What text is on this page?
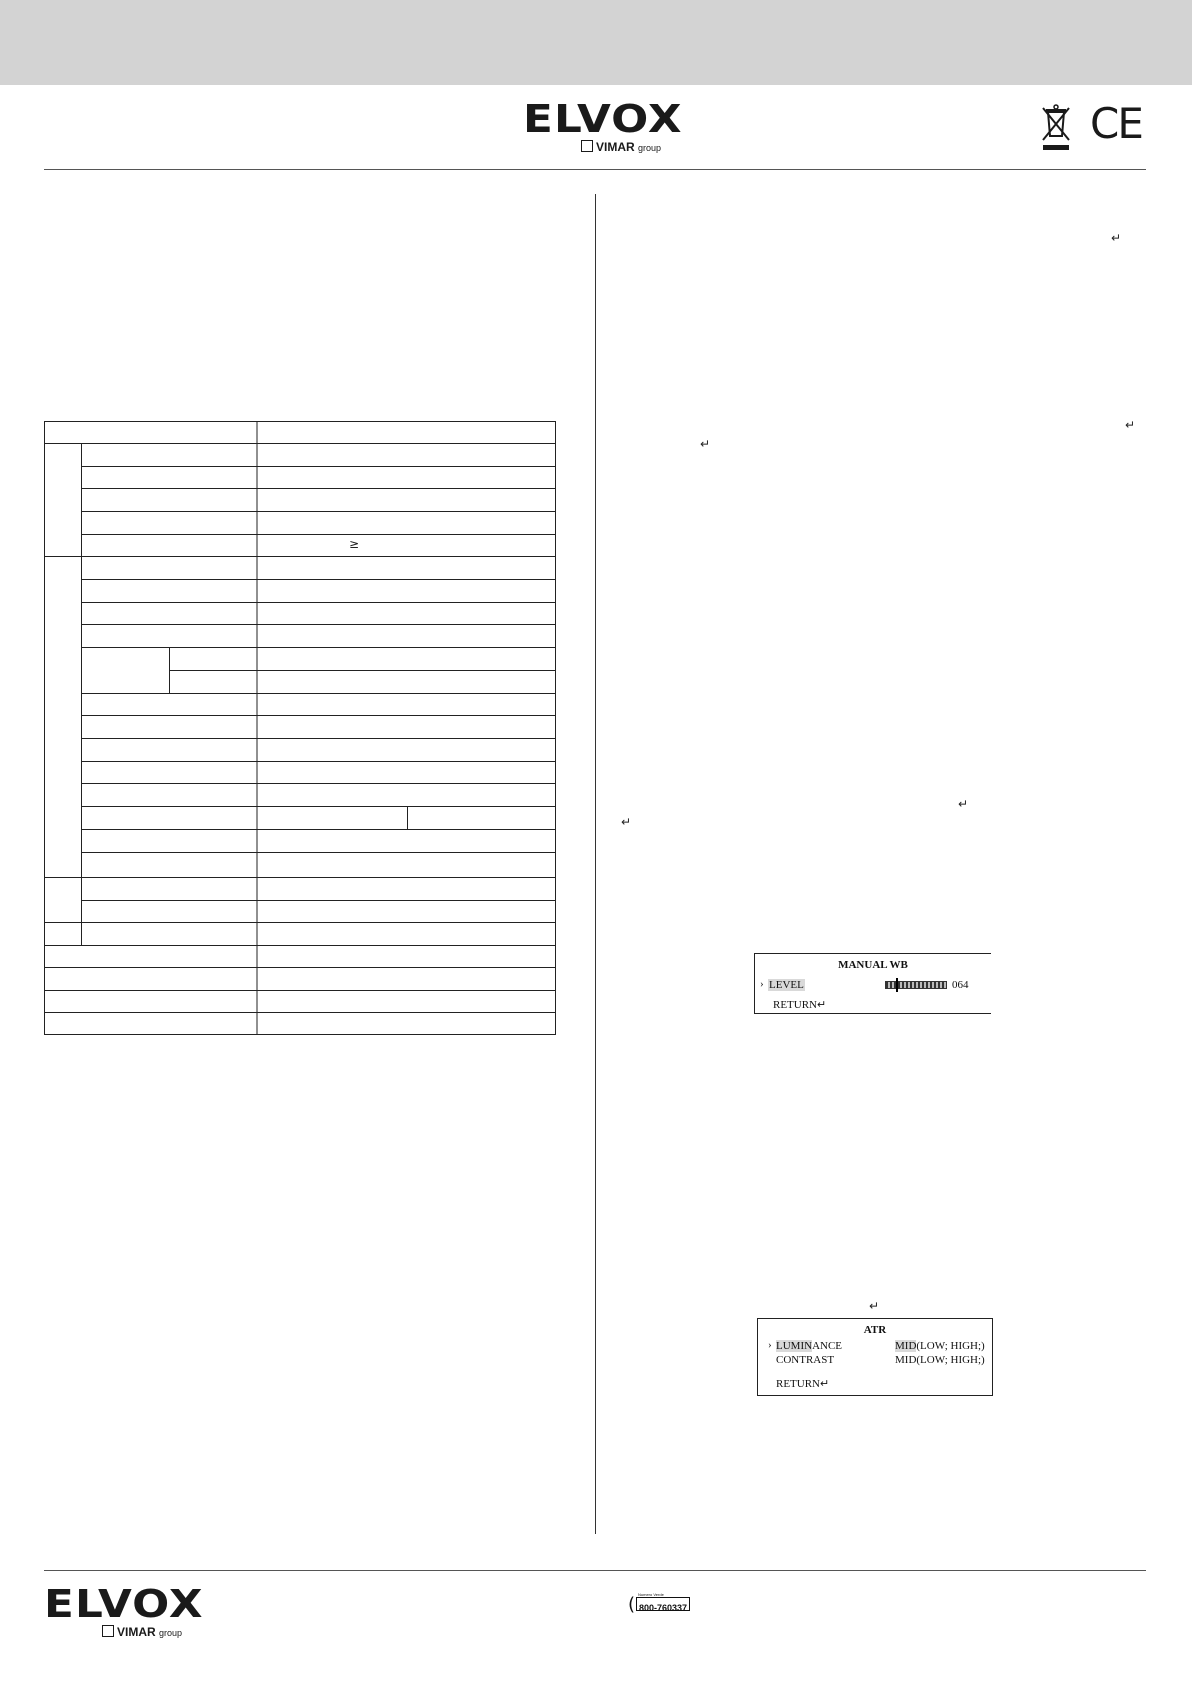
ELVOX
VIMAR group	CE
≥
↵
↵
↵
↵
↵
↵
MANUAL WB
› LEVEL	064
RETURN↵
ATR
› LUMINANCE	MID(LOW; HIGH;)
CONTRAST	MID(LOW; HIGH;)
RETURN↵
ELVOX
VIMAR group
( 800-760337
Numero Verde
